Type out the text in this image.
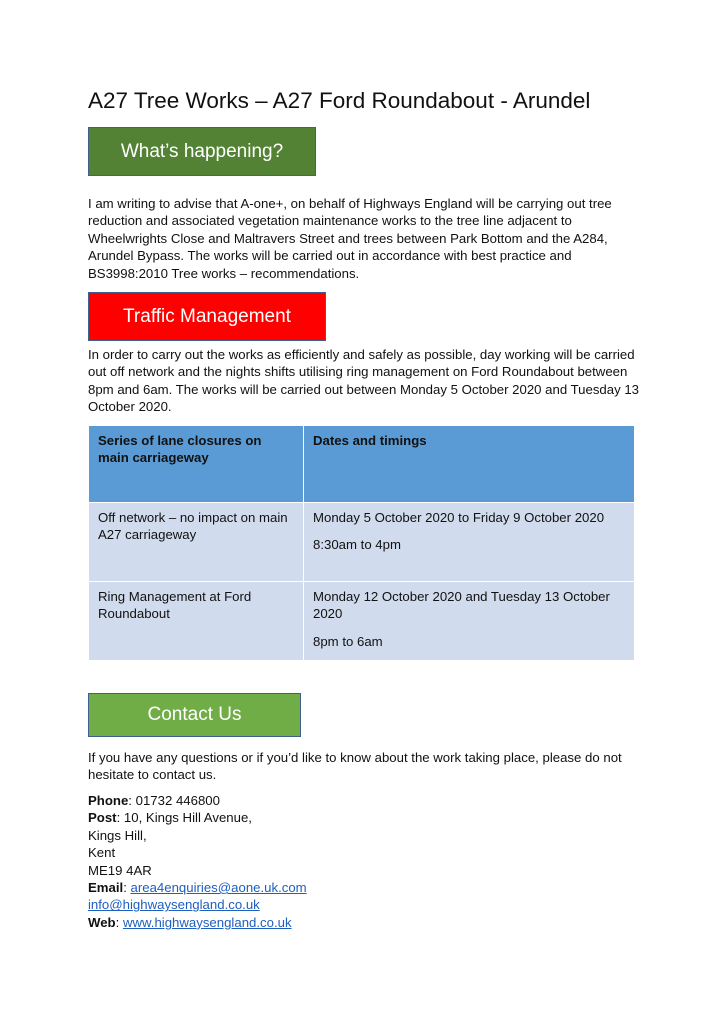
A27 Tree Works – A27 Ford Roundabout - Arundel
What’s happening?

I am writing to advise that A-one+, on behalf of Highways England will be carrying out tree reduction and associated vegetation maintenance works to the tree line adjacent to Wheelwrights Close and Maltravers Street and trees between Park Bottom and the A284, Arundel Bypass. The works will be carried out in accordance with best practice and BS3998:2010 Tree works – recommendations.

Traffic Management

In order to carry out the works as efficiently and safely as possible, day working will be carried out off network and the nights shifts utilising ring management on Ford Roundabout between 8pm and 6am. The works will be carried out between Monday 5 October 2020 and Tuesday 13 October 2020.

Series of lane closures on main carriageway	Dates and timings
Off network – no impact on main A27 carriageway	Monday 5 October 2020 to Friday 9 October 2020
8:30am to 4pm

Ring Management at Ford Roundabout	Monday 12 October 2020 and Tuesday 13 October 2020
8pm to 6am
Contact Us

If you have any questions or if you’d like to know about the work taking place, please do not hesitate to contact us.

Phone: 01732 446800
Post: 10, Kings Hill Avenue,
Kings Hill,
Kent
ME19 4AR
Email: area4enquiries@aone.uk.com
info@highwaysengland.co.uk
Web: www.highwaysengland.co.uk
